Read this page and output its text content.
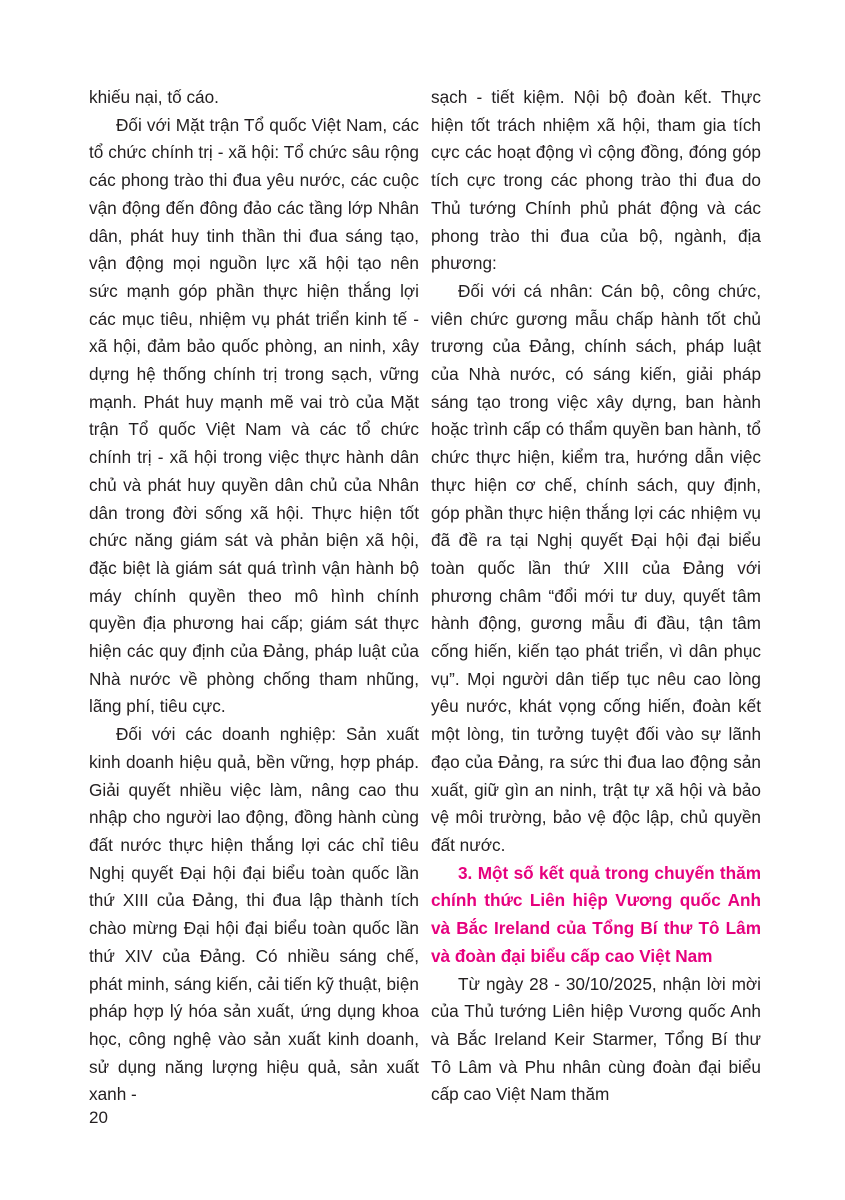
khiếu nại, tố cáo.

Đối với Mặt trận Tổ quốc Việt Nam, các tổ chức chính trị - xã hội: Tổ chức sâu rộng các phong trào thi đua yêu nước, các cuộc vận động đến đông đảo các tầng lớp Nhân dân, phát huy tinh thần thi đua sáng tạo, vận động mọi nguồn lực xã hội tạo nên sức mạnh góp phần thực hiện thắng lợi các mục tiêu, nhiệm vụ phát triển kinh tế - xã hội, đảm bảo quốc phòng, an ninh, xây dựng hệ thống chính trị trong sạch, vững mạnh. Phát huy mạnh mẽ vai trò của Mặt trận Tổ quốc Việt Nam và các tổ chức chính trị - xã hội trong việc thực hành dân chủ và phát huy quyền dân chủ của Nhân dân trong đời sống xã hội. Thực hiện tốt chức năng giám sát và phản biện xã hội, đặc biệt là giám sát quá trình vận hành bộ máy chính quyền theo mô hình chính quyền địa phương hai cấp; giám sát thực hiện các quy định của Đảng, pháp luật của Nhà nước về phòng chống tham nhũng, lãng phí, tiêu cực.

Đối với các doanh nghiệp: Sản xuất kinh doanh hiệu quả, bền vững, hợp pháp. Giải quyết nhiều việc làm, nâng cao thu nhập cho người lao động, đồng hành cùng đất nước thực hiện thắng lợi các chỉ tiêu Nghị quyết Đại hội đại biểu toàn quốc lần thứ XIII của Đảng, thi đua lập thành tích chào mừng Đại hội đại biểu toàn quốc lần thứ XIV của Đảng. Có nhiều sáng chế, phát minh, sáng kiến, cải tiến kỹ thuật, biện pháp hợp lý hóa sản xuất, ứng dụng khoa học, công nghệ vào sản xuất kinh doanh, sử dụng năng lượng hiệu quả, sản xuất xanh -

sạch - tiết kiệm. Nội bộ đoàn kết. Thực hiện tốt trách nhiệm xã hội, tham gia tích cực các hoạt động vì cộng đồng, đóng góp tích cực trong các phong trào thi đua do Thủ tướng Chính phủ phát động và các phong trào thi đua của bộ, ngành, địa phương:

Đối với cá nhân: Cán bộ, công chức, viên chức gương mẫu chấp hành tốt chủ trương của Đảng, chính sách, pháp luật của Nhà nước, có sáng kiến, giải pháp sáng tạo trong việc xây dựng, ban hành hoặc trình cấp có thẩm quyền ban hành, tổ chức thực hiện, kiểm tra, hướng dẫn việc thực hiện cơ chế, chính sách, quy định, góp phần thực hiện thắng lợi các nhiệm vụ đã đề ra tại Nghị quyết Đại hội đại biểu toàn quốc lần thứ XIII của Đảng với phương châm “đổi mới tư duy, quyết tâm hành động, gương mẫu đi đầu, tận tâm cống hiến, kiến tạo phát triển, vì dân phục vụ”. Mọi người dân tiếp tục nêu cao lòng yêu nước, khát vọng cống hiến, đoàn kết một lòng, tin tưởng tuyệt đối vào sự lãnh đạo của Đảng, ra sức thi đua lao động sản xuất, giữ gìn an ninh, trật tự xã hội và bảo vệ môi trường, bảo vệ độc lập, chủ quyền đất nước.

3. Một số kết quả trong chuyến thăm chính thức Liên hiệp Vương quốc Anh và Bắc Ireland của Tổng Bí thư Tô Lâm và đoàn đại biểu cấp cao Việt Nam

Từ ngày 28 - 30/10/2025, nhận lời mời của Thủ tướng Liên hiệp Vương quốc Anh và Bắc Ireland Keir Starmer, Tổng Bí thư Tô Lâm và Phu nhân cùng đoàn đại biểu cấp cao Việt Nam thăm

20
